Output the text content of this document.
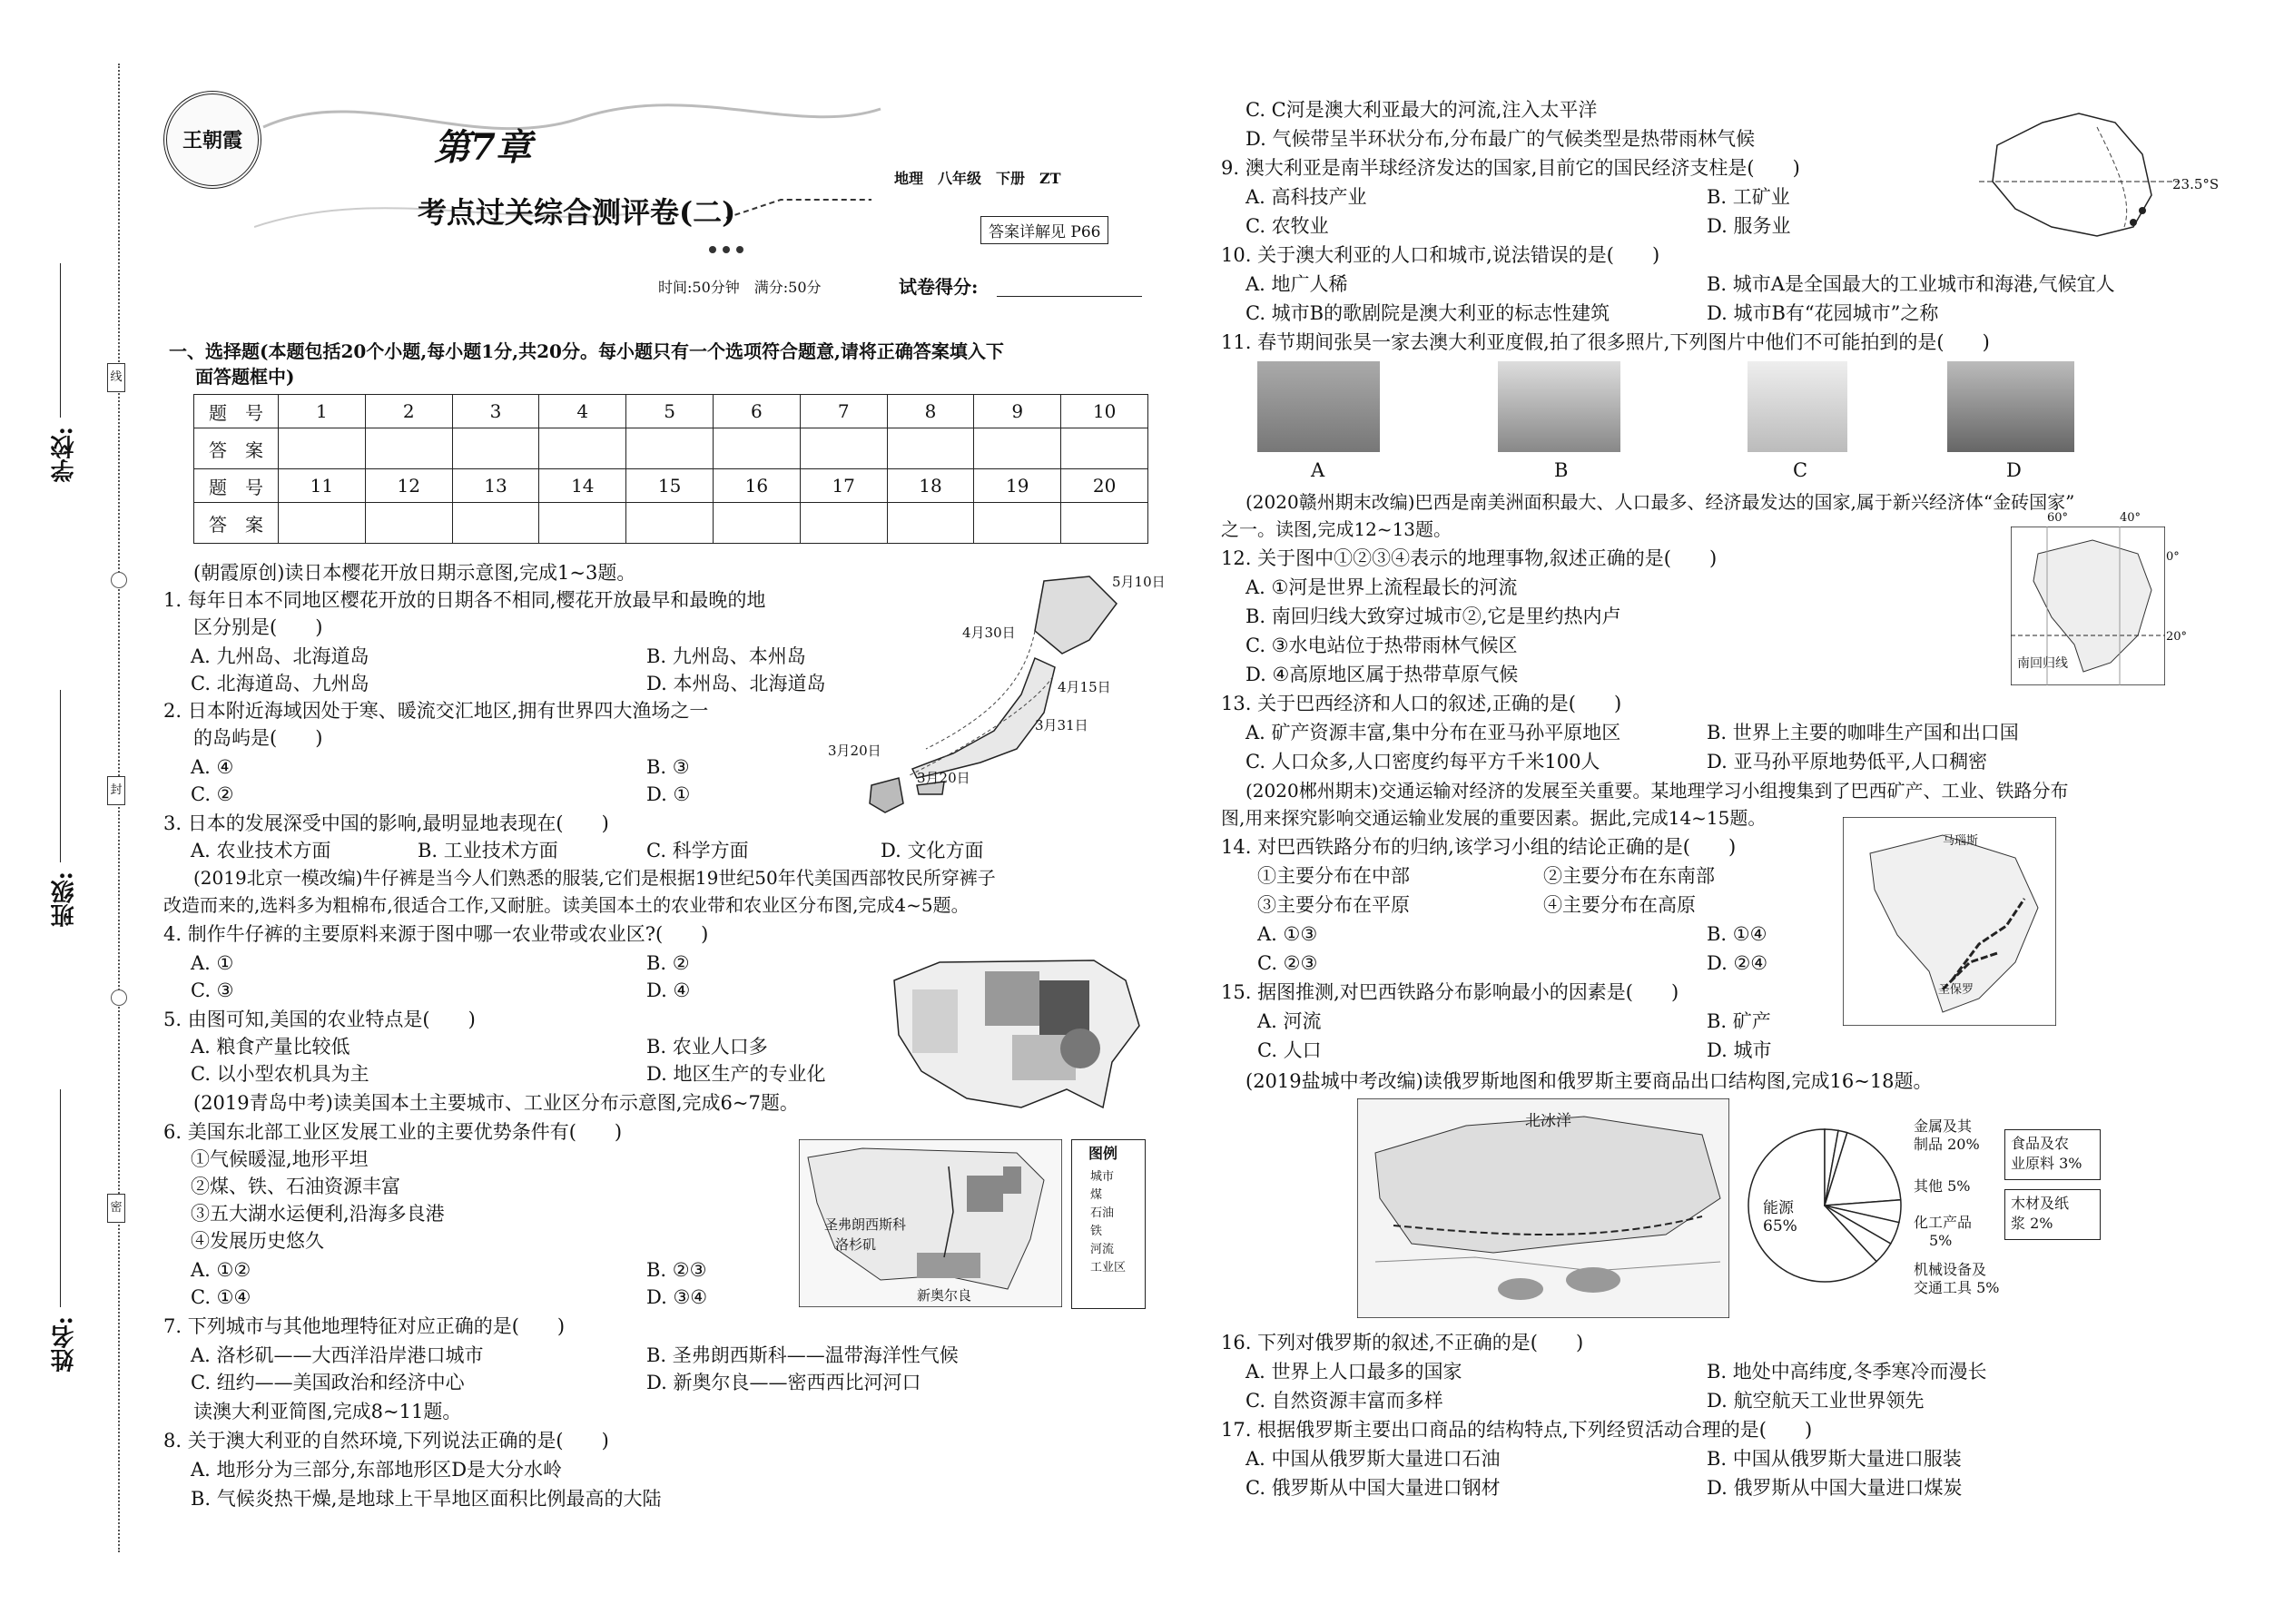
学校:
班级:
姓名:
线
封
密
王朝霞	第7章
考点过关综合测评卷(二)
地理　八年级　下册　ZT
答案详解见 P66
时间:50分钟　满分:50分	试卷得分:
一、选择题(本题包括20个小题,每小题1分,共20分。每小题只有一个选项符合题意,请将正确答案填入下
面答题框中)
题　号	1	2	3	4	5	6	7	8	9	10
答　案										
题　号	11	12	13	14	15	16	17	18	19	20
答　案										
(朝霞原创)读日本樱花开放日期示意图,完成1~3题。
1. 每年日本不同地区樱花开放的日期各不相同,樱花开放最早和最晚的地
区分别是(　　)
A. 九州岛、北海道岛	B. 九州岛、本州岛
C. 北海道岛、九州岛	D. 本州岛、北海道岛
2. 日本附近海域因处于寒、暖流交汇地区,拥有世界四大渔场之一
的岛屿是(　　)
A. ④	B. ③
C. ②	D. ①
3. 日本的发展深受中国的影响,最明显地表现在(　　)
A. 农业技术方面	B. 工业技术方面	C. 科学方面	D. 文化方面
(2019北京一模改编)牛仔裤是当今人们熟悉的服装,它们是根据19世纪50年代美国西部牧民所穿裤子
改造而来的,选料多为粗棉布,很适合工作,又耐脏。读美国本土的农业带和农业区分布图,完成4~5题。
4. 制作牛仔裤的主要原料来源于图中哪一农业带或农业区?(　　)
A. ①	B. ②
C. ③	D. ④
5. 由图可知,美国的农业特点是(　　)
A. 粮食产量比较低	B. 农业人口多
C. 以小型农机具为主	D. 地区生产的专业化
(2019青岛中考)读美国本土主要城市、工业区分布示意图,完成6~7题。
6. 美国东北部工业区发展工业的主要优势条件有(　　)
①气候暖湿,地形平坦
②煤、铁、石油资源丰富
③五大湖水运便利,沿海多良港
④发展历史悠久
A. ①②	B. ②③
C. ①④	D. ③④
7. 下列城市与其他地理特征对应正确的是(　　)
A. 洛杉矶——大西洋沿岸港口城市	B. 圣弗朗西斯科——温带海洋性气候
C. 纽约——美国政治和经济中心	D. 新奥尔良——密西西比河河口
读澳大利亚简图,完成8~11题。
8. 关于澳大利亚的自然环境,下列说法正确的是(　　)
A. 地形分为三部分,东部地形区D是大分水岭
B. 气候炎热干燥,是地球上干旱地区面积比例最高的大陆
5月10日
4月30日
4月15日
3月31日
3月20日
3月20日
圣弗朗西斯科
洛杉矶
新奥尔良
图例
城市
煤
石油
铁
河流
工业区
C. C河是澳大利亚最大的河流,注入太平洋
D. 气候带呈半环状分布,分布最广的气候类型是热带雨林气候
9. 澳大利亚是南半球经济发达的国家,目前它的国民经济支柱是(　　)
A. 高科技产业	B. 工矿业
C. 农牧业	D. 服务业
10. 关于澳大利亚的人口和城市,说法错误的是(　　)
A. 地广人稀	B. 城市A是全国最大的工业城市和海港,气候宜人
C. 城市B的歌剧院是澳大利亚的标志性建筑	D. 城市B有“花园城市”之称
11. 春节期间张昊一家去澳大利亚度假,拍了很多照片,下列图片中他们不可能拍到的是(　　)
23.5°S
A	B	C	D
(2020赣州期末改编)巴西是南美洲面积最大、人口最多、经济最发达的国家,属于新兴经济体“金砖国家”
之一。读图,完成12~13题。
12. 关于图中①②③④表示的地理事物,叙述正确的是(　　)
A. ①河是世界上流程最长的河流
B. 南回归线大致穿过城市②,它是里约热内卢
C. ③水电站位于热带雨林气候区
D. ④高原地区属于热带草原气候	南回归线
60°	40°
0°
20°
13. 关于巴西经济和人口的叙述,正确的是(　　)
A. 矿产资源丰富,集中分布在亚马孙平原地区	B. 世界上主要的咖啡生产国和出口国
C. 人口众多,人口密度约每平方千米100人	D. 亚马孙平原地势低平,人口稠密
(2020郴州期末)交通运输对经济的发展至关重要。某地理学习小组搜集到了巴西矿产、工业、铁路分布
图,用来探究影响交通运输业发展的重要因素。据此,完成14~15题。
14. 对巴西铁路分布的归纳,该学习小组的结论正确的是(　　)
①主要分布在中部	②主要分布在东南部
③主要分布在平原	④主要分布在高原
A. ①③	B. ①④
C. ②③	D. ②④
15. 据图推测,对巴西铁路分布影响最小的因素是(　　)
A. 河流	B. 矿产
C. 人口	D. 城市
马瑙斯
圣保罗
(2019盐城中考改编)读俄罗斯地图和俄罗斯主要商品出口结构图,完成16~18题。
北冰洋
能源
65%
金属及其
制品 20%
其他 5%
化工产品
5%
机械设备及
交通工具 5%
食品及农
业原料 3%
木材及纸
浆 2%
16. 下列对俄罗斯的叙述,不正确的是(　　)
A. 世界上人口最多的国家	B. 地处中高纬度,冬季寒冷而漫长
C. 自然资源丰富而多样	D. 航空航天工业世界领先
17. 根据俄罗斯主要出口商品的结构特点,下列经贸活动合理的是(　　)
A. 中国从俄罗斯大量进口石油	B. 中国从俄罗斯大量进口服装
C. 俄罗斯从中国大量进口钢材	D. 俄罗斯从中国大量进口煤炭
